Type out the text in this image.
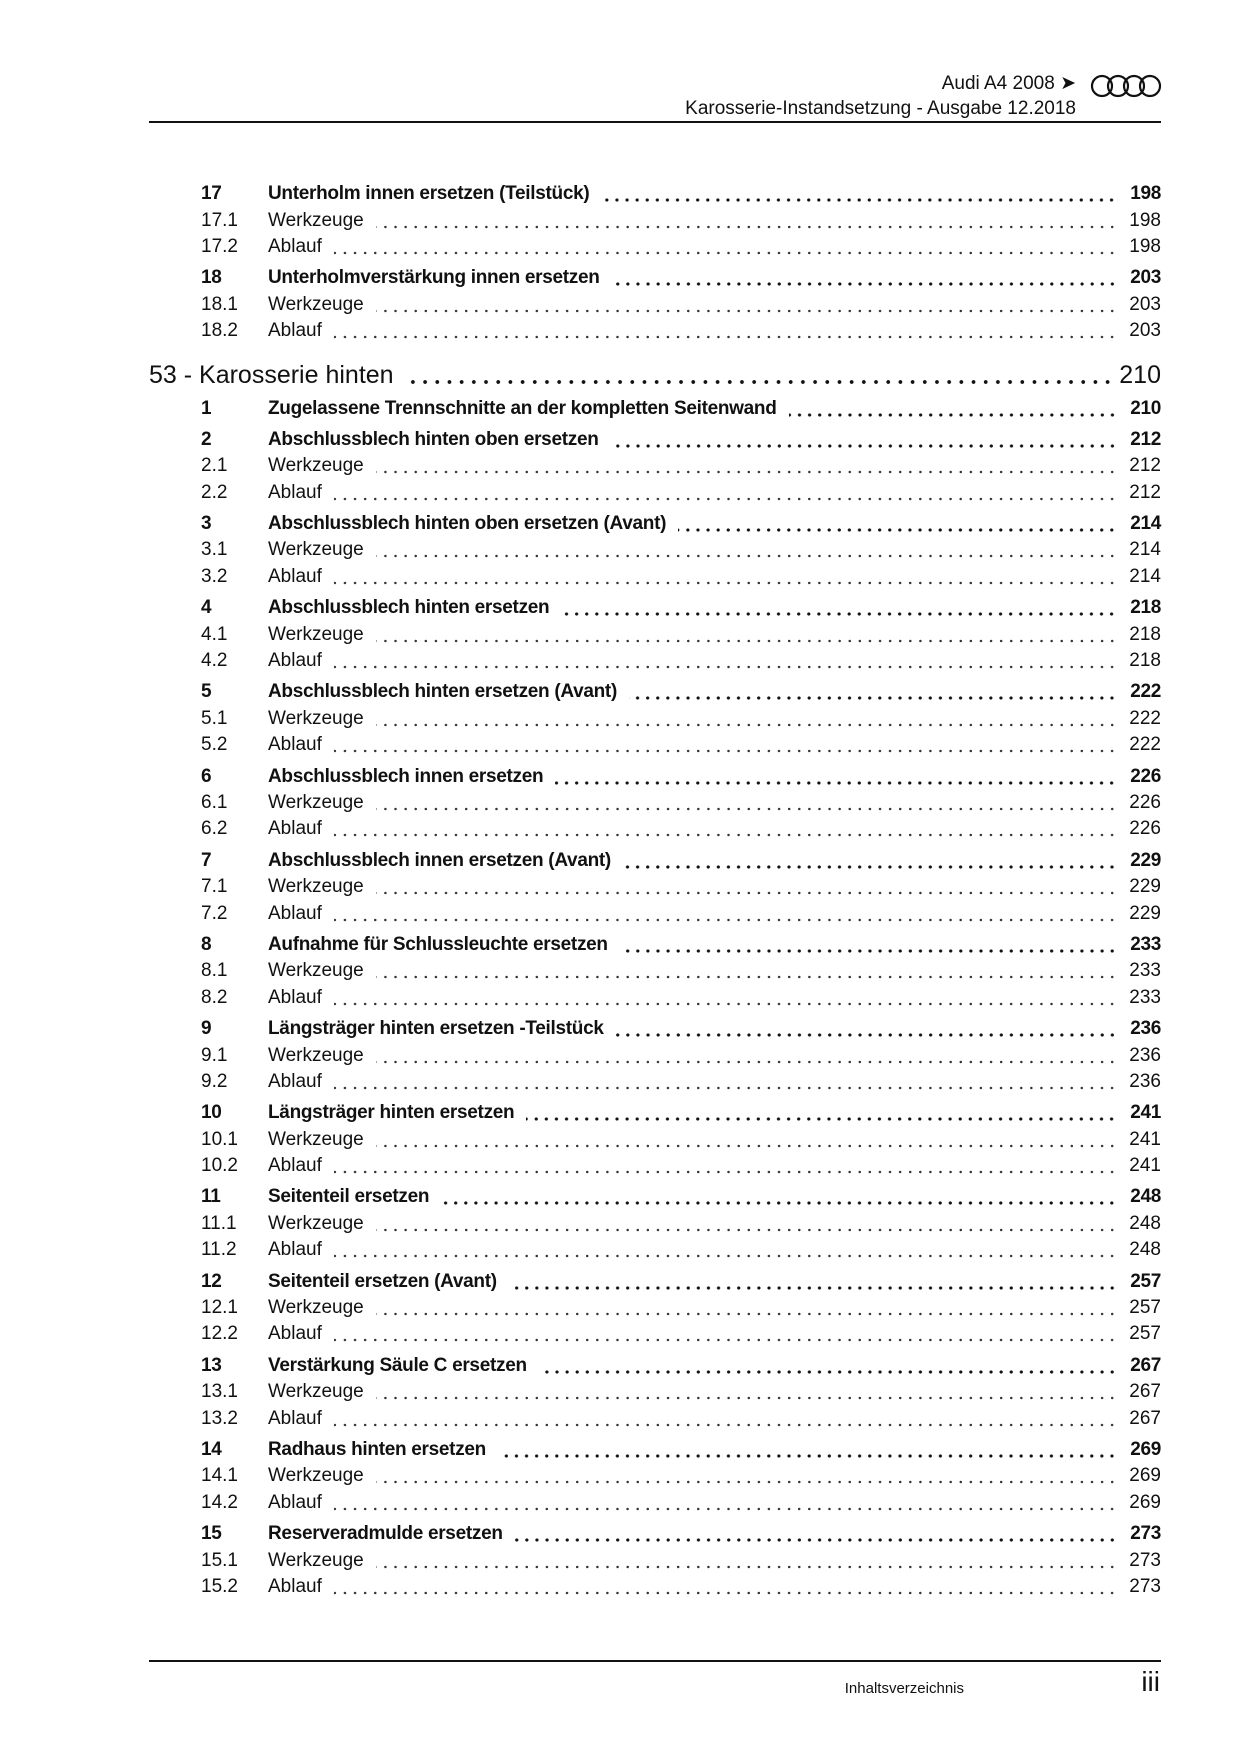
Audi A4 2008 ➤
Karosserie-Instandsetzung - Ausgabe 12.2018
17	Unterholm innen ersetzen (Teilstück)	198
17.1	Werkzeuge	198
17.2	Ablauf	198
18	Unterholmverstärkung innen ersetzen	203
18.1	Werkzeuge	203
18.2	Ablauf	203
53 - Karosserie hinten	210
1	Zugelassene Trennschnitte an der kompletten Seitenwand	210
2	Abschlussblech hinten oben ersetzen	212
2.1	Werkzeuge	212
2.2	Ablauf	212
3	Abschlussblech hinten oben ersetzen (Avant)	214
3.1	Werkzeuge	214
3.2	Ablauf	214
4	Abschlussblech hinten ersetzen	218
4.1	Werkzeuge	218
4.2	Ablauf	218
5	Abschlussblech hinten ersetzen (Avant)	222
5.1	Werkzeuge	222
5.2	Ablauf	222
6	Abschlussblech innen ersetzen	226
6.1	Werkzeuge	226
6.2	Ablauf	226
7	Abschlussblech innen ersetzen (Avant)	229
7.1	Werkzeuge	229
7.2	Ablauf	229
8	Aufnahme für Schlussleuchte ersetzen	233
8.1	Werkzeuge	233
8.2	Ablauf	233
9	Längsträger hinten ersetzen -Teilstück	236
9.1	Werkzeuge	236
9.2	Ablauf	236
10	Längsträger hinten ersetzen	241
10.1	Werkzeuge	241
10.2	Ablauf	241
11	Seitenteil ersetzen	248
11.1	Werkzeuge	248
11.2	Ablauf	248
12	Seitenteil ersetzen (Avant)	257
12.1	Werkzeuge	257
12.2	Ablauf	257
13	Verstärkung Säule C ersetzen	267
13.1	Werkzeuge	267
13.2	Ablauf	267
14	Radhaus hinten ersetzen	269
14.1	Werkzeuge	269
14.2	Ablauf	269
15	Reserveradmulde ersetzen	273
15.1	Werkzeuge	273
15.2	Ablauf	273
Inhaltsverzeichnis	iii
